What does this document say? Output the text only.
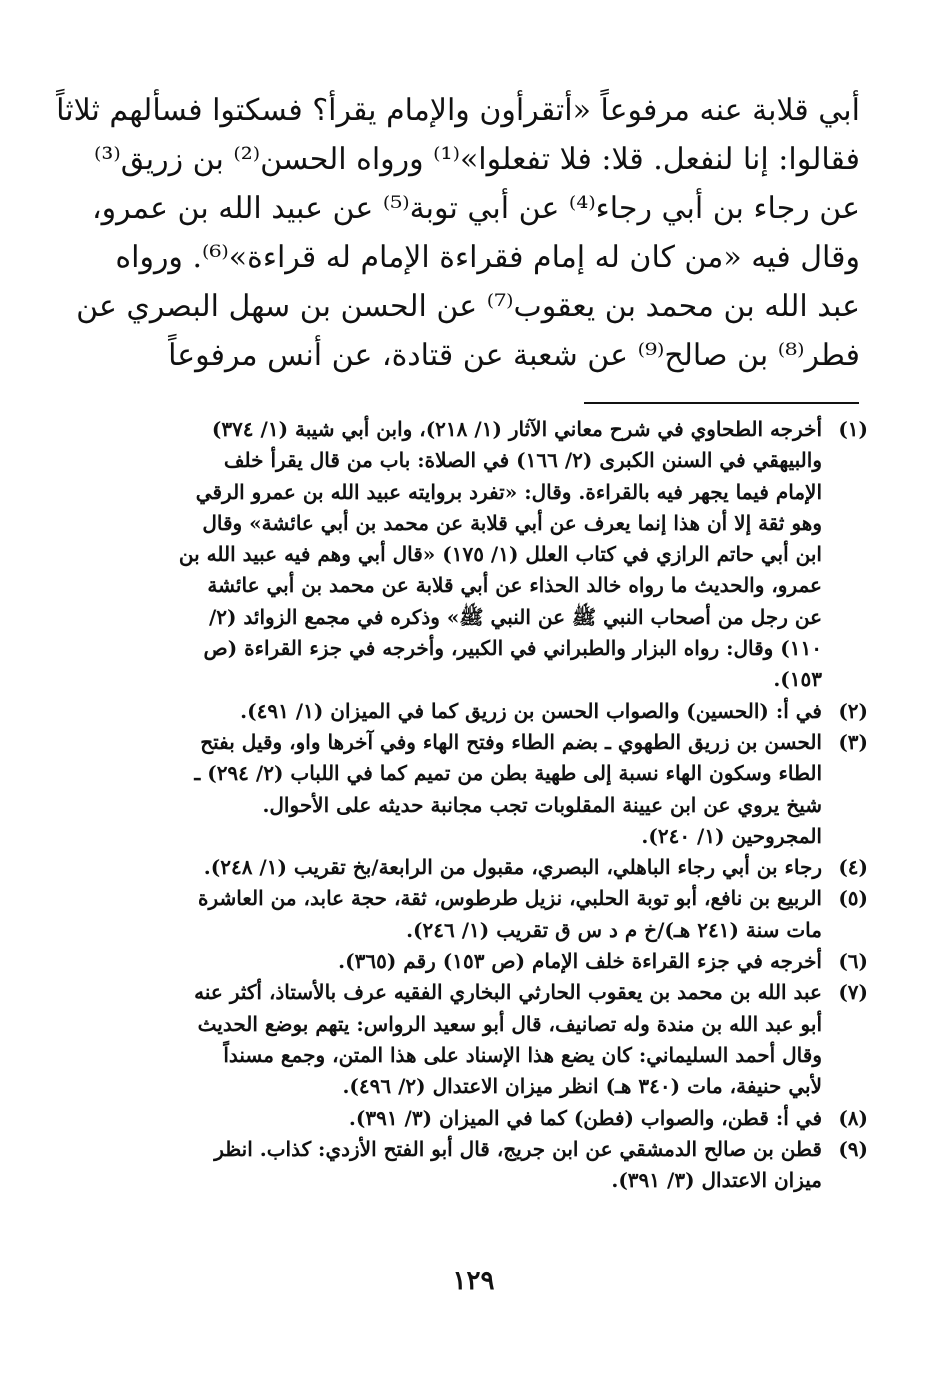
أبي قلابة عنه مرفوعاً «أتقرأون والإمام يقرأ؟ فسكتوا فسألهم ثلاثاً
فقالوا: إنا لنفعل. قلا: فلا تفعلوا»⁽¹⁾ ورواه الحسن⁽²⁾ بن زريق⁽³⁾
عن رجاء بن أبي رجاء⁽⁴⁾ عن أبي توبة⁽⁵⁾ عن عبيد الله بن عمرو،
وقال فيه «من كان له إمام فقراءة الإمام له قراءة»⁽⁶⁾. ورواه
عبد الله بن محمد بن يعقوب⁽⁷⁾ عن الحسن بن سهل البصري عن
فطر⁽⁸⁾ بن صالح⁽⁹⁾ عن شعبة عن قتادة، عن أنس مرفوعاً
(١)
أخرجه الطحاوي في شرح معاني الآثار (١/ ٢١٨)، وابن أبي شيبة (١/ ٣٧٤)
والبيهقي في السنن الكبرى (٢/ ١٦٦) في الصلاة: باب من قال يقرأ خلف
الإمام فيما يجهر فيه بالقراءة. وقال: «تفرد بروايته عبيد الله بن عمرو الرقي
وهو ثقة إلا أن هذا إنما يعرف عن أبي قلابة عن محمد بن أبي عائشة» وقال
ابن أبي حاتم الرازي في كتاب العلل (١/ ١٧٥) «قال أبي وهم فيه عبيد الله بن
عمرو، والحديث ما رواه خالد الحذاء عن أبي قلابة عن محمد بن أبي عائشة
عن رجل من أصحاب النبي ﷺ عن النبي ﷺ» وذكره في مجمع الزوائد (٢/
١١٠) وقال: رواه البزار والطبراني في الكبير، وأخرجه في جزء القراءة (ص
١٥٣).
(٢)
في أ: (الحسين) والصواب الحسن بن زريق كما في الميزان (١/ ٤٩١).
(٣)
الحسن بن زريق الطهوي ـ بضم الطاء وفتح الهاء وفي آخرها واو، وقيل بفتح
الطاء وسكون الهاء نسبة إلى طهية بطن من تميم كما في اللباب (٢/ ٢٩٤) ـ
شيخ يروي عن ابن عيينة المقلوبات تجب مجانبة حديثه على الأحوال.
المجروحين (١/ ٢٤٠).
(٤)
رجاء بن أبي رجاء الباهلي، البصري، مقبول من الرابعة/بخ تقريب (١/ ٢٤٨).
(٥)
الربيع بن نافع، أبو توبة الحلبي، نزيل طرطوس، ثقة، حجة عابد، من العاشرة
مات سنة (٢٤١ هـ)/خ م د س ق تقريب (١/ ٢٤٦).
(٦)
أخرجه في جزء القراءة خلف الإمام (ص ١٥٣) رقم (٣٦٥).
(٧)
عبد الله بن محمد بن يعقوب الحارثي البخاري الفقيه عرف بالأستاذ، أكثر عنه
أبو عبد الله بن مندة وله تصانيف، قال أبو سعيد الرواس: يتهم بوضع الحديث
وقال أحمد السليماني: كان يضع هذا الإسناد على هذا المتن، وجمع مسنداً
لأبي حنيفة، مات (٣٤٠ هـ) انظر ميزان الاعتدال (٢/ ٤٩٦).
(٨)
في أ: قطن، والصواب (فطن) كما في الميزان (٣/ ٣٩١).
(٩)
قطن بن صالح الدمشقي عن ابن جريج، قال أبو الفتح الأزدي: كذاب. انظر
ميزان الاعتدال (٣/ ٣٩١).
١٢٩
